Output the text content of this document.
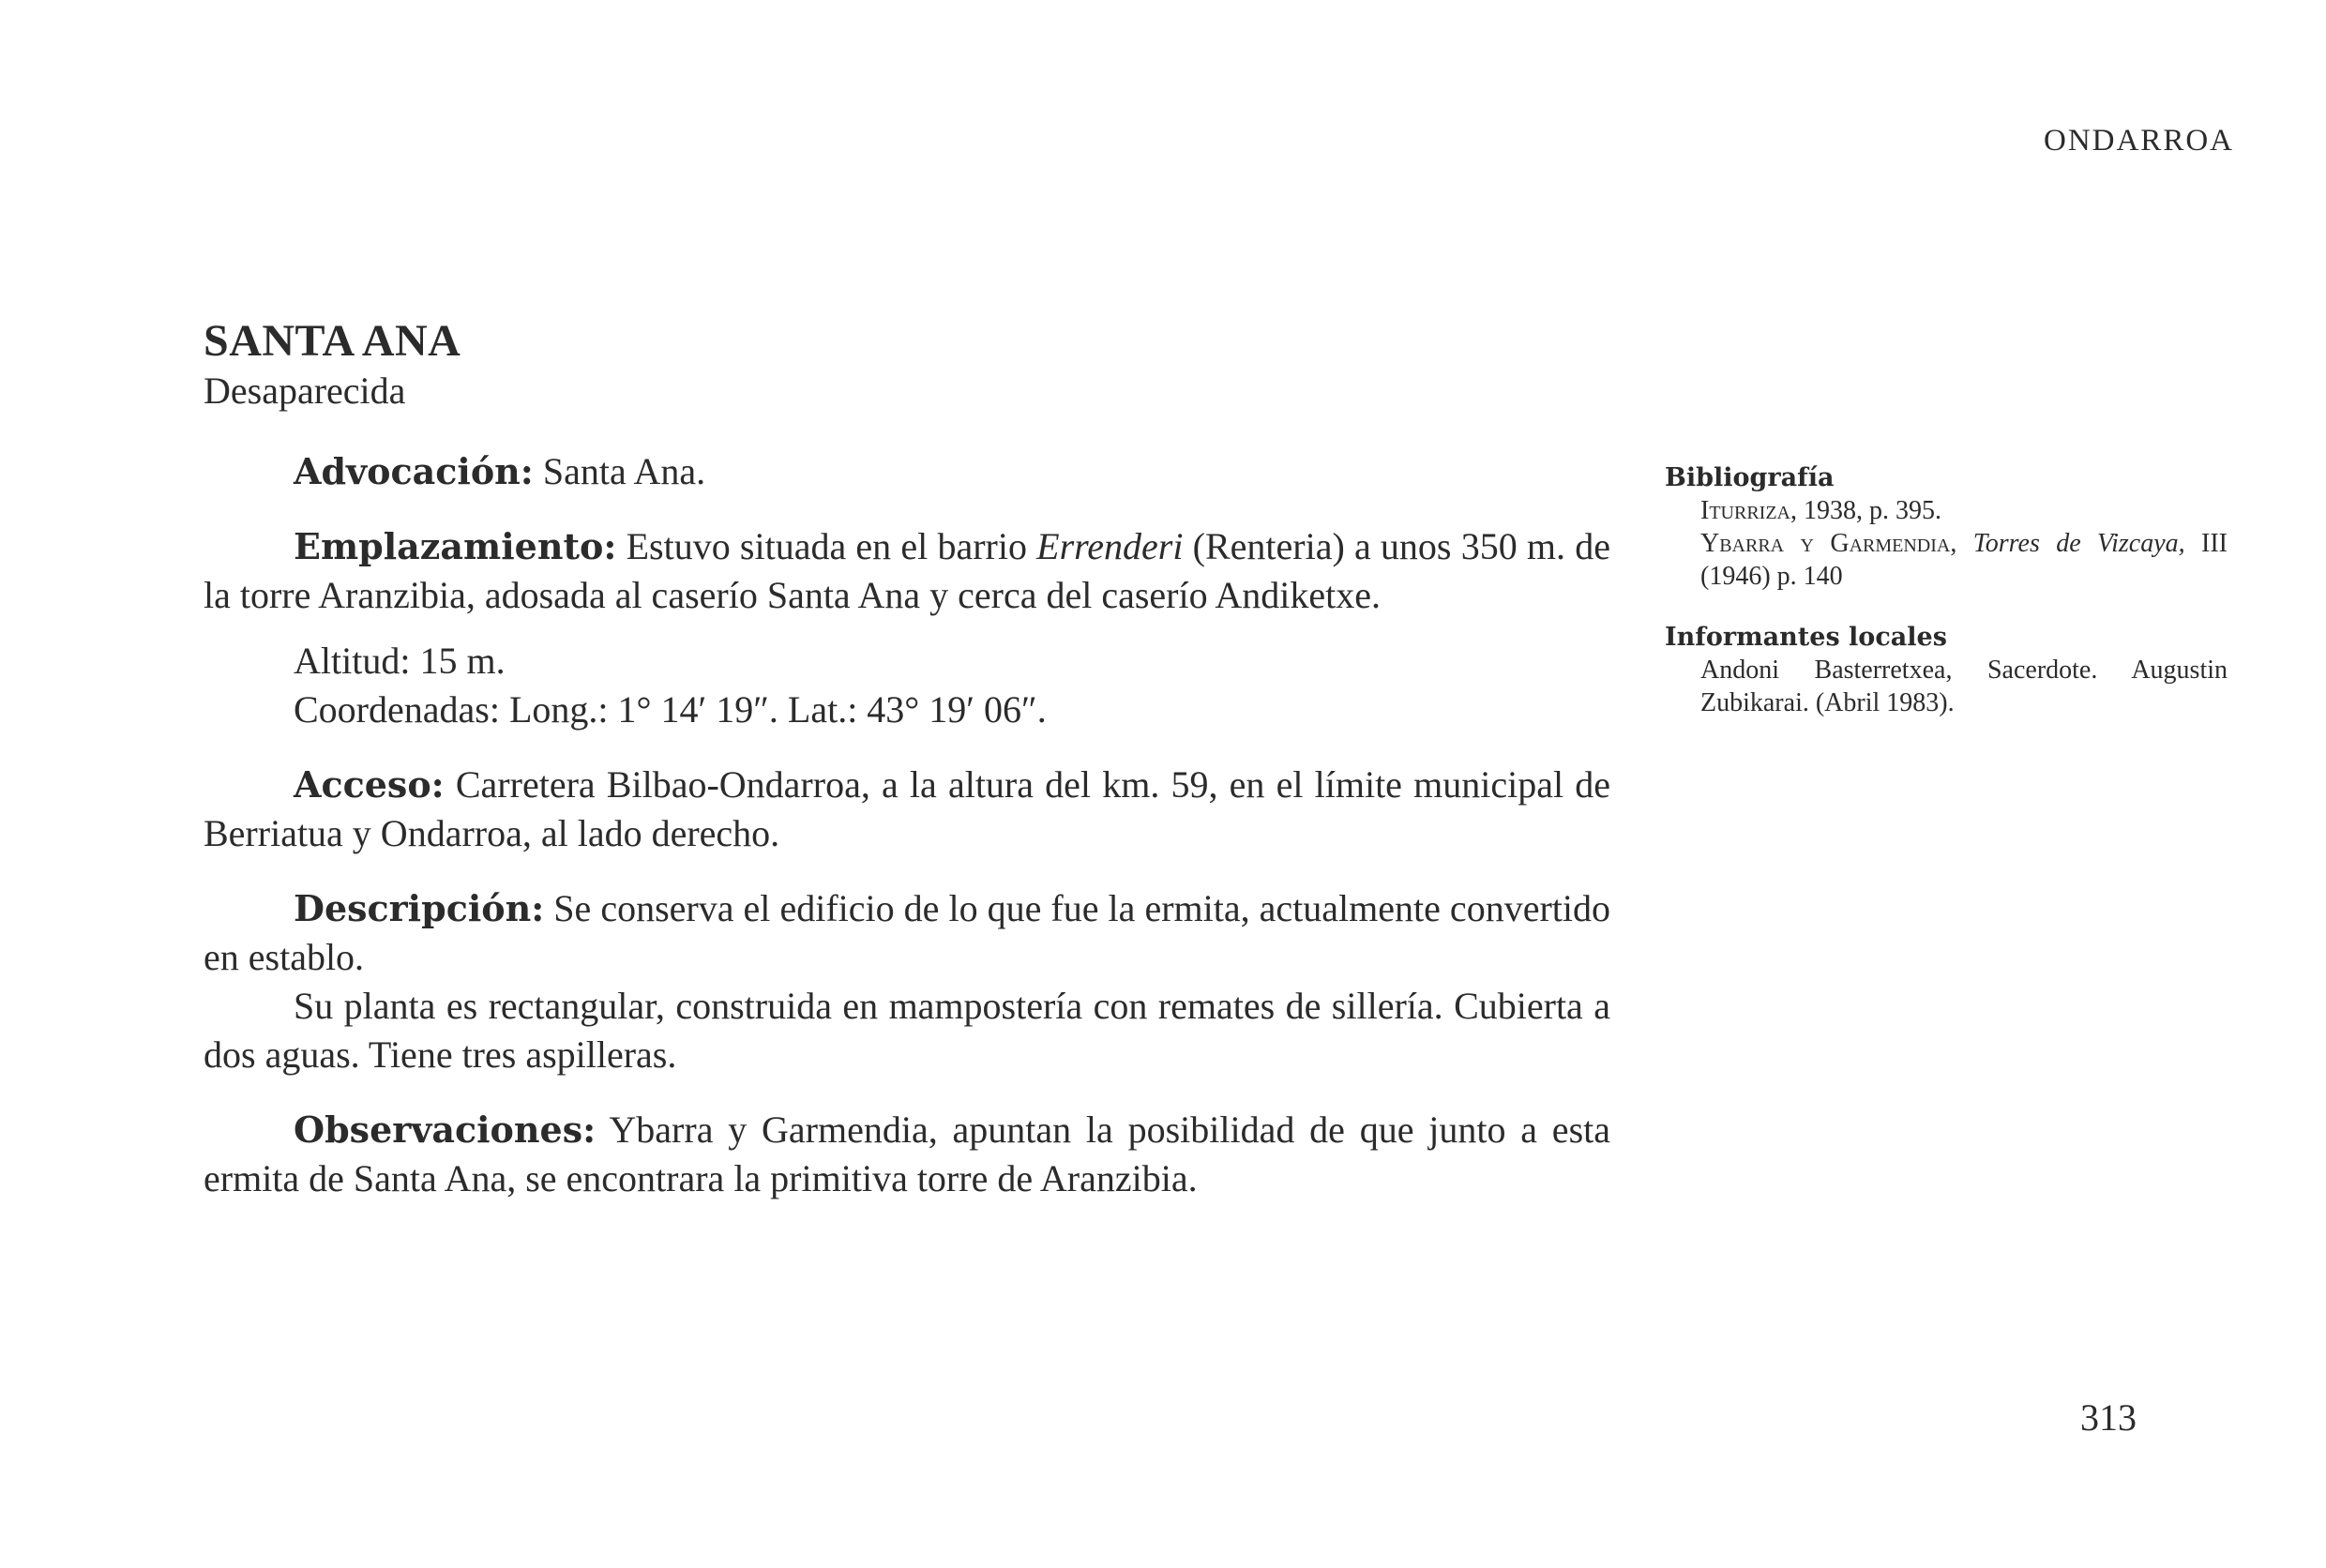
ONDARROA
SANTA ANA

Desaparecida

Advocación: Santa Ana.

Emplazamiento: Estuvo situada en el barrio Errenderi (Renteria) a unos 350 m. de la torre Aranzibia, adosada al caserío Santa Ana y cerca del caserío Andiketxe.

Altitud: 15 m.

Coordenadas: Long.: 1° 14′ 19″. Lat.: 43° 19′ 06″.

Acceso: Carretera Bilbao-Ondarroa, a la altura del km. 59, en el límite municipal de Berriatua y Ondarroa, al lado derecho.

Descripción: Se conserva el edificio de lo que fue la ermita, actualmente convertido en establo.

Su planta es rectangular, construida en mampostería con remates de sillería. Cubierta a dos aguas. Tiene tres aspilleras.

Observaciones: Ybarra y Garmendia, apuntan la posibilidad de que junto a esta ermita de Santa Ana, se encontrara la primitiva torre de Aranzibia.

Bibliografía

Iturriza, 1938, p. 395.

Ybarra y Garmendia, Torres de Vizcaya, III (1946) p. 140

Informantes locales

Andoni Basterretxea, Sacerdote. Augustin Zubikarai. (Abril 1983).

313
